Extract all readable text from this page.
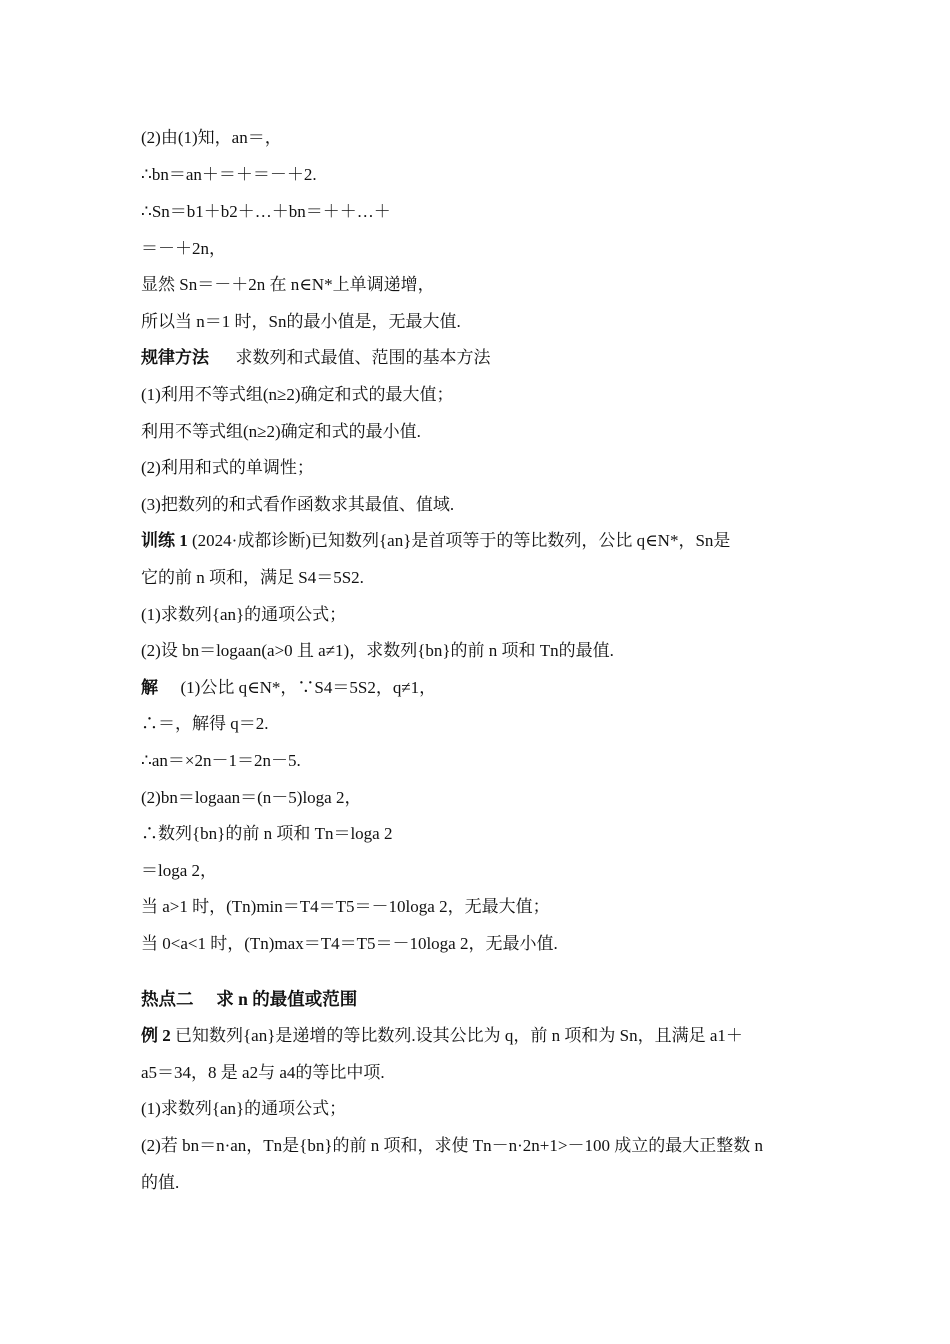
(2)由(1)知，an＝，
∴bn＝an＋＝＋＝－＋2.
∴Sn＝b1＋b2＋…＋bn＝＋＋…＋
＝－＋2n，
显然 Sn＝－＋2n 在 n∈N*上单调递增，
所以当 n＝1 时，Sn的最小值是，无最大值.
规律方法 求数列和式最值、范围的基本方法
(1)利用不等式组(n≥2)确定和式的最大值；
利用不等式组(n≥2)确定和式的最小值.
(2)利用和式的单调性；
(3)把数列的和式看作函数求其最值、值域.
训练 1 (2024·成都诊断)已知数列{an}是首项等于的等比数列，公比 q∈N*，Sn是
它的前 n 项和，满足 S4＝5S2.
(1)求数列{an}的通项公式；
(2)设 bn＝logaan(a>0 且 a≠1)，求数列{bn}的前 n 项和 Tn的最值.
解 (1)公比 q∈N*，∵S4＝5S2，q≠1，
∴＝，解得 q＝2.
∴an＝×2n－1＝2n－5.
(2)bn＝logaan＝(n－5)loga 2，
∴数列{bn}的前 n 项和 Tn＝loga 2
＝loga 2，
当 a>1 时，(Tn)min＝T4＝T5＝－10loga 2，无最大值；
当 0<a<1 时，(Tn)max＝T4＝T5＝－10loga 2，无最小值.
热点二 求 n 的最值或范围
例 2 已知数列{an}是递增的等比数列.设其公比为 q，前 n 项和为 Sn，且满足 a1＋
a5＝34，8 是 a2与 a4的等比中项.
(1)求数列{an}的通项公式；
(2)若 bn＝n·an，Tn是{bn}的前 n 项和，求使 Tn－n·2n+1>－100 成立的最大正整数 n
的值.
